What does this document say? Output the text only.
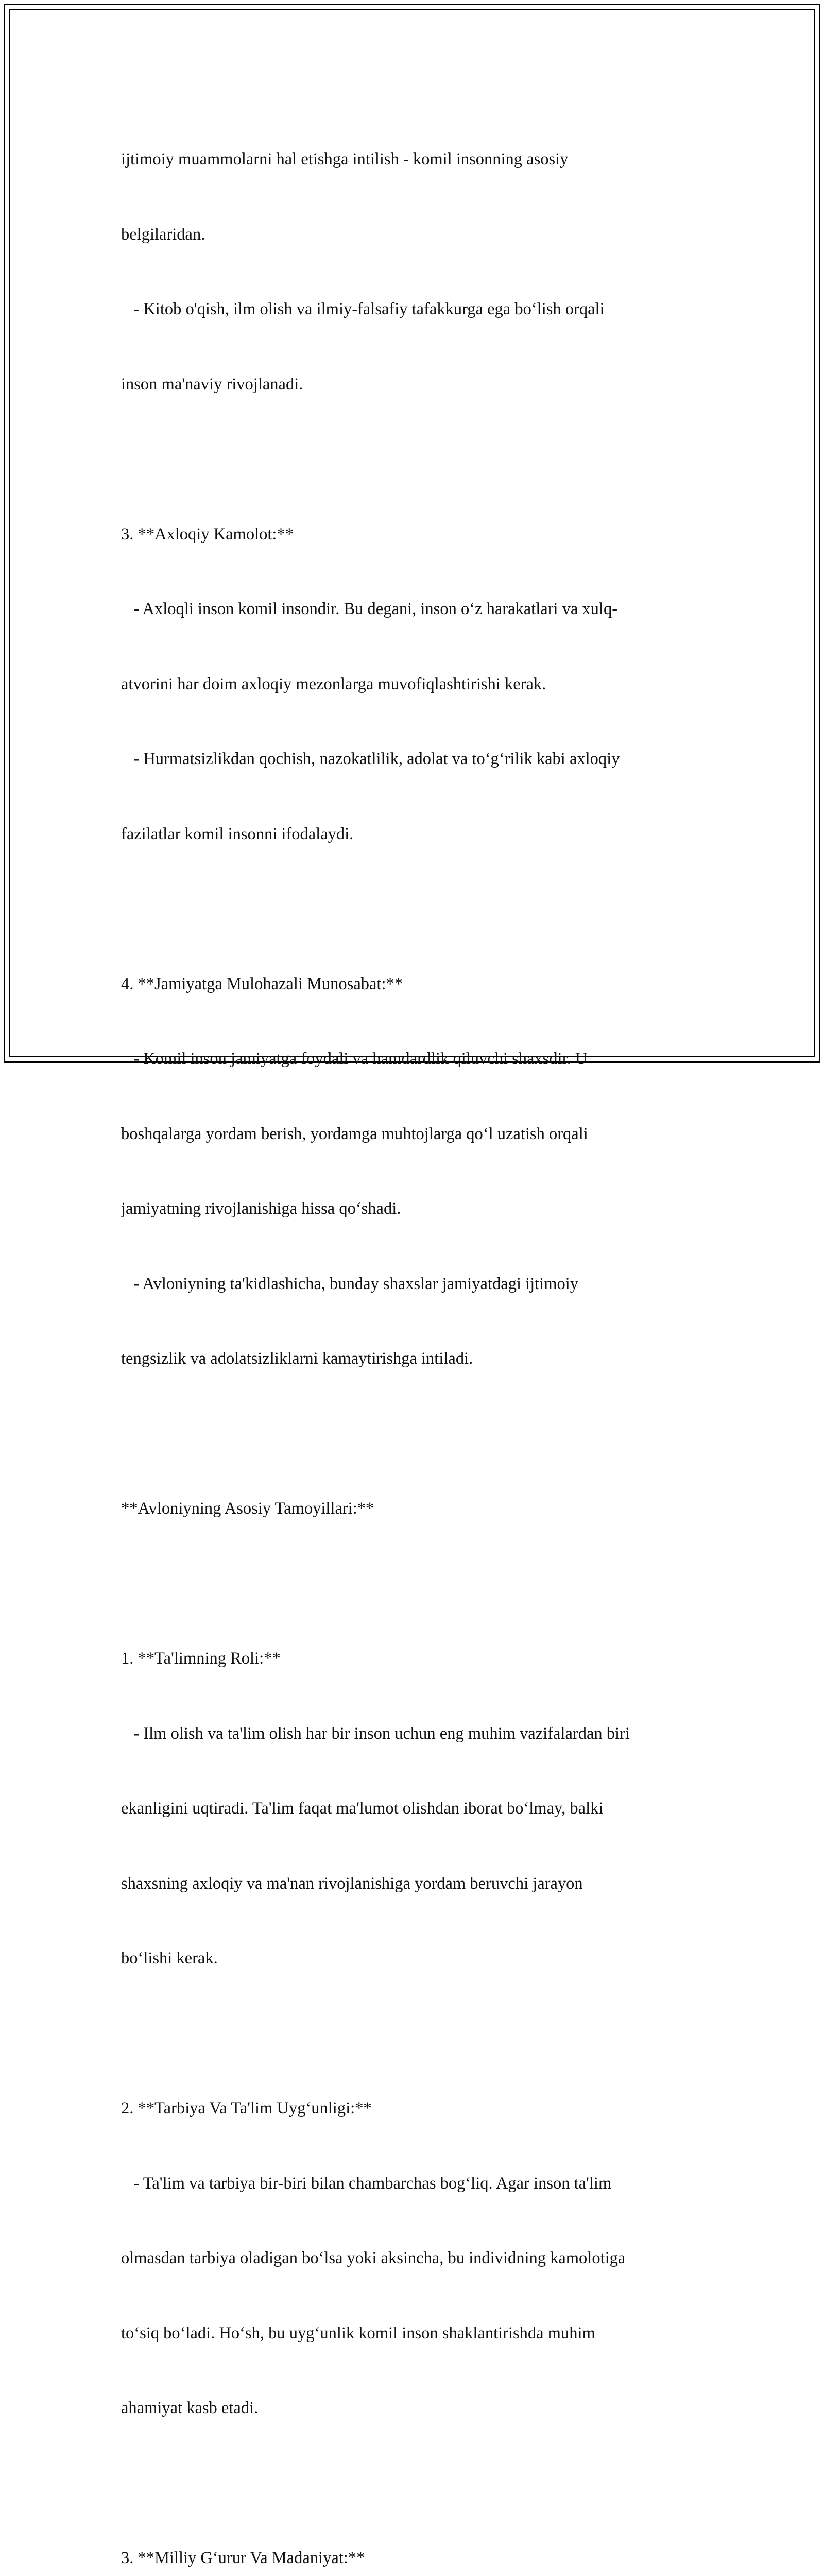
ijtimoiy muammolarni hal etishga intilish - komil insonning asosiy

belgilaridan.

- Kitob o'qish, ilm olish va ilmiy-falsafiy tafakkurga ega bo‘lish orqali

inson ma'naviy rivojlanadi.

3. **Axloqiy Kamolot:**

- Axloqli inson komil insondir. Bu degani, inson o‘z harakatlari va xulq-

atvorini har doim axloqiy mezonlarga muvofiqlashtirishi kerak.

- Hurmatsizlikdan qochish, nazokatlilik, adolat va to‘g‘rilik kabi axloqiy

fazilatlar komil insonni ifodalaydi.

4. **Jamiyatga Mulohazali Munosabat:**

- Komil inson jamiyatga foydali va hamdardlik qiluvchi shaxsdir. U

boshqalarga yordam berish, yordamga muhtojlarga qo‘l uzatish orqali

jamiyatning rivojlanishiga hissa qo‘shadi.

- Avloniyning ta'kidlashicha, bunday shaxslar jamiyatdagi ijtimoiy

tengsizlik va adolatsizliklarni kamaytirishga intiladi.

**Avloniyning Asosiy Tamoyillari:**

1. **Ta'limning Roli:**

- Ilm olish va ta'lim olish har bir inson uchun eng muhim vazifalardan biri

ekanligini uqtiradi. Ta'lim faqat ma'lumot olishdan iborat bo‘lmay, balki

shaxsning axloqiy va ma'nan rivojlanishiga yordam beruvchi jarayon

bo‘lishi kerak.

2. **Tarbiya Va Ta'lim Uyg‘unligi:**

- Ta'lim va tarbiya bir-biri bilan chambarchas bog‘liq. Agar inson ta'lim

olmasdan tarbiya oladigan bo‘lsa yoki aksincha, bu individning kamolotiga

to‘siq bo‘ladi. Ho‘sh, bu uyg‘unlik komil inson shaklantirishda muhim

ahamiyat kasb etadi.

3. **Milliy G‘urur Va Madaniyat:**
